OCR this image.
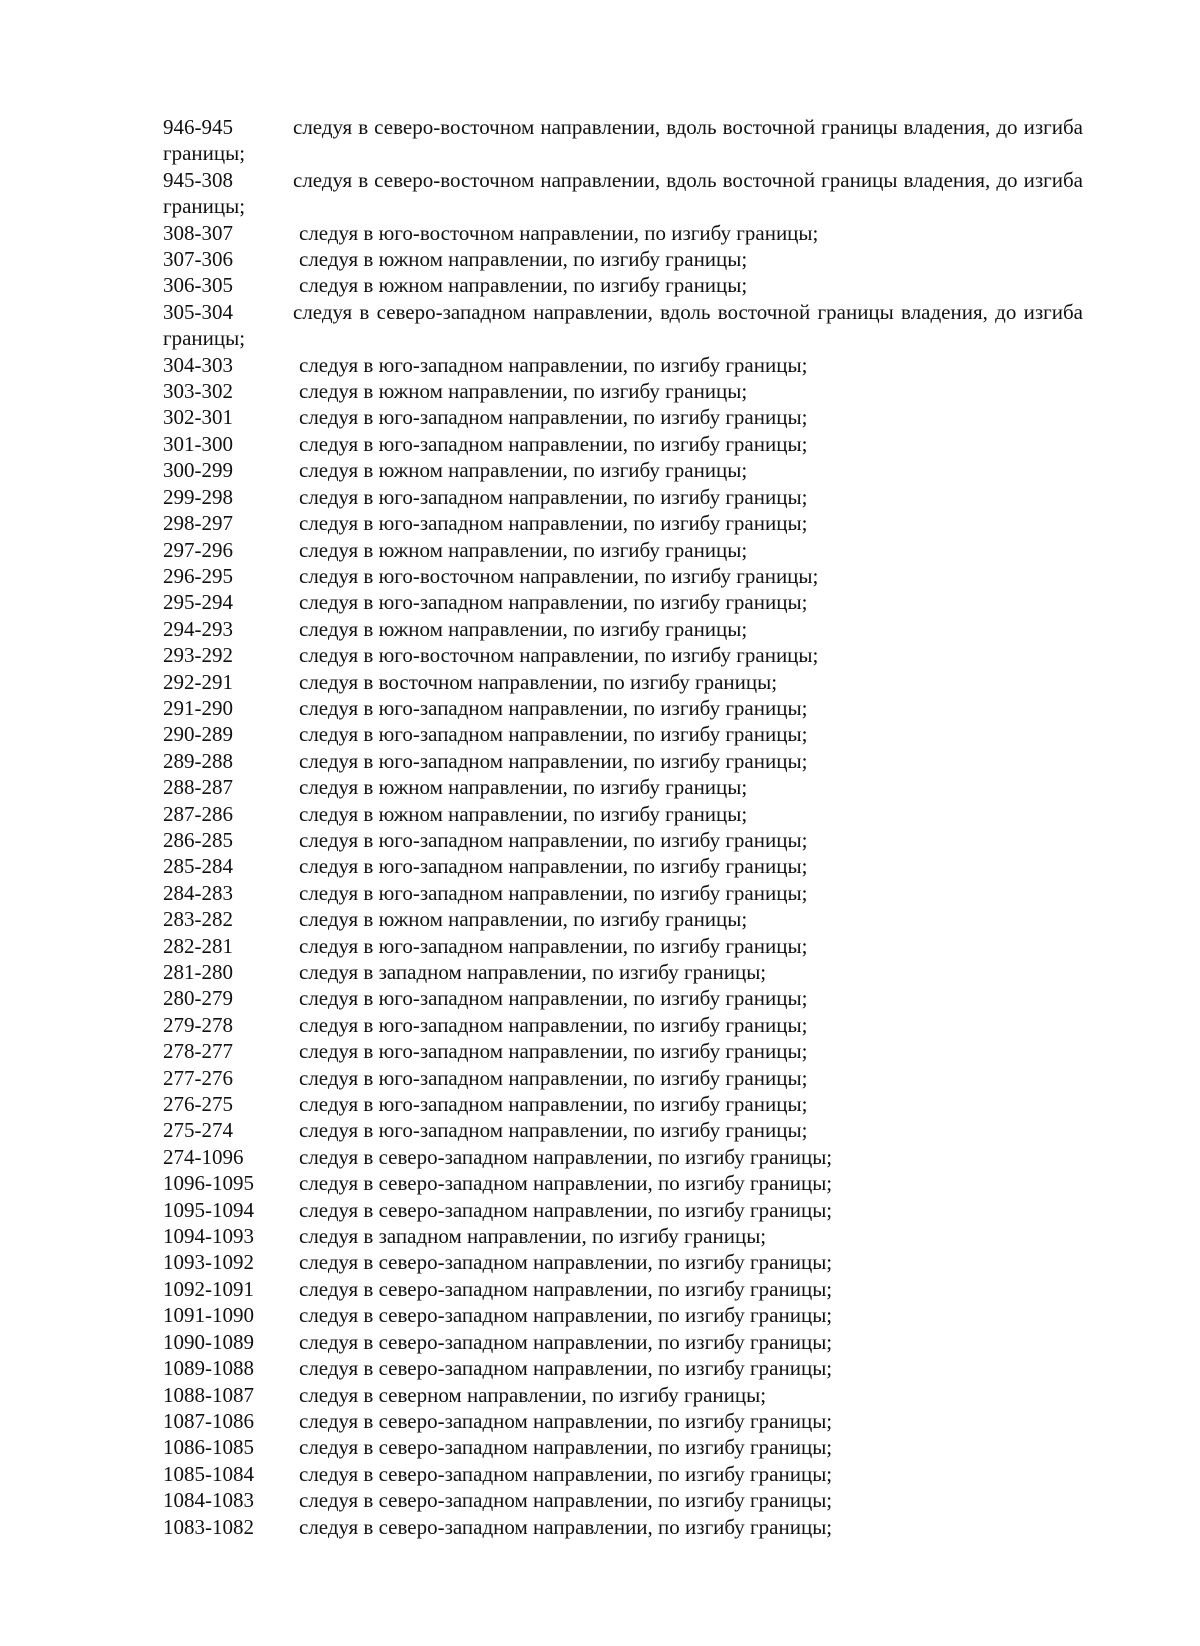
946-945	следуя в северо-восточном направлении, вдоль восточной границы владения, до изгиба границы;
945-308	следуя в северо-восточном направлении, вдоль восточной границы владения, до изгиба границы;
308-307	следуя в юго-восточном направлении, по изгибу границы;
307-306	следуя в южном направлении, по изгибу границы;
306-305	следуя в южном направлении, по изгибу границы;
305-304	следуя в северо-западном направлении, вдоль восточной границы владения, до изгиба границы;
304-303	следуя в юго-западном направлении, по изгибу границы;
303-302	следуя в южном направлении, по изгибу границы;
302-301	следуя в юго-западном направлении, по изгибу границы;
301-300	следуя в юго-западном направлении, по изгибу границы;
300-299	следуя в южном направлении, по изгибу границы;
299-298	следуя в юго-западном направлении, по изгибу границы;
298-297	следуя в юго-западном направлении, по изгибу границы;
297-296	следуя в южном направлении, по изгибу границы;
296-295	следуя в юго-восточном направлении, по изгибу границы;
295-294	следуя в юго-западном направлении, по изгибу границы;
294-293	следуя в южном направлении, по изгибу границы;
293-292	следуя в юго-восточном направлении, по изгибу границы;
292-291	следуя в восточном направлении, по изгибу границы;
291-290	следуя в юго-западном направлении, по изгибу границы;
290-289	следуя в юго-западном направлении, по изгибу границы;
289-288	следуя в юго-западном направлении, по изгибу границы;
288-287	следуя в южном направлении, по изгибу границы;
287-286	следуя в южном направлении, по изгибу границы;
286-285	следуя в юго-западном направлении, по изгибу границы;
285-284	следуя в юго-западном направлении, по изгибу границы;
284-283	следуя в юго-западном направлении, по изгибу границы;
283-282	следуя в южном направлении, по изгибу границы;
282-281	следуя в юго-западном направлении, по изгибу границы;
281-280	следуя в западном направлении, по изгибу границы;
280-279	следуя в юго-западном направлении, по изгибу границы;
279-278	следуя в юго-западном направлении, по изгибу границы;
278-277	следуя в юго-западном направлении, по изгибу границы;
277-276	следуя в юго-западном направлении, по изгибу границы;
276-275	следуя в юго-западном направлении, по изгибу границы;
275-274	следуя в юго-западном направлении, по изгибу границы;
274-1096	следуя в северо-западном направлении, по изгибу границы;
1096-1095 следуя в северо-западном направлении, по изгибу границы;
1095-1094 следуя в северо-западном направлении, по изгибу границы;
1094-1093 следуя в западном направлении, по изгибу границы;
1093-1092 следуя в северо-западном направлении, по изгибу границы;
1092-1091 следуя в северо-западном направлении, по изгибу границы;
1091-1090 следуя в северо-западном направлении, по изгибу границы;
1090-1089 следуя в северо-западном направлении, по изгибу границы;
1089-1088 следуя в северо-западном направлении, по изгибу границы;
1088-1087 следуя в северном направлении, по изгибу границы;
1087-1086 следуя в северо-западном направлении, по изгибу границы;
1086-1085 следуя в северо-западном направлении, по изгибу границы;
1085-1084 следуя в северо-западном направлении, по изгибу границы;
1084-1083 следуя в северо-западном направлении, по изгибу границы;
1083-1082 следуя в северо-западном направлении, по изгибу границы;
